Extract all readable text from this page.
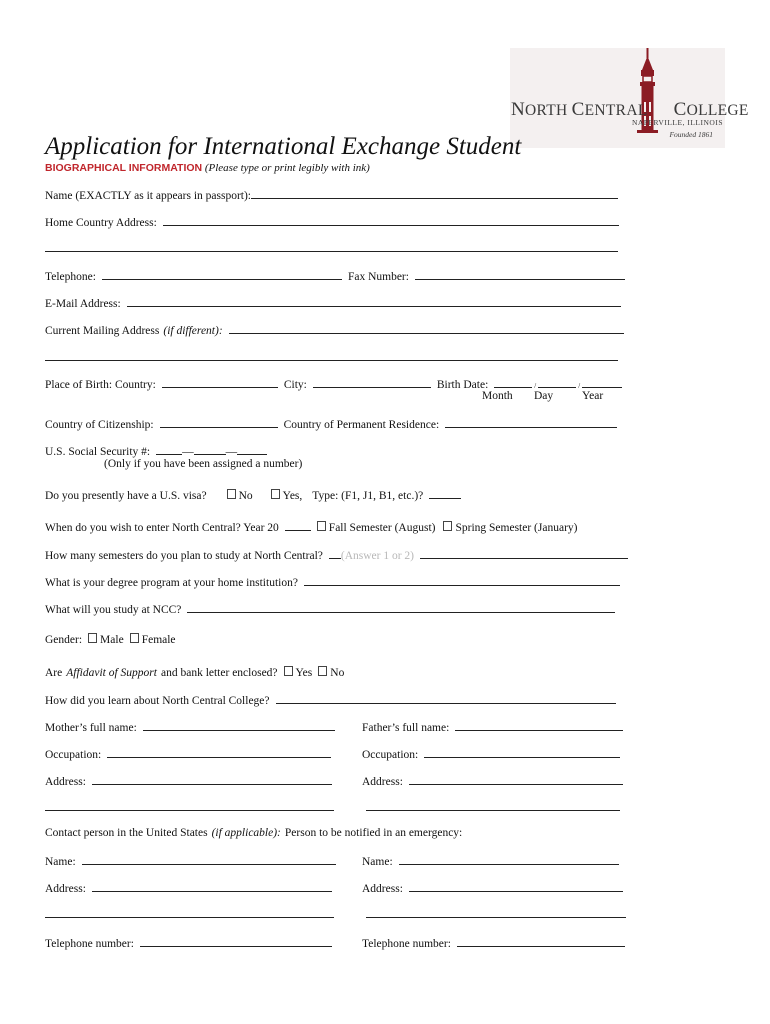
NORTH CENTRAL COLLEGE
NAPERVILLE, ILLINOIS
Founded 1861
Application for International Exchange Student
BIOGRAPHICAL INFORMATION (Please type or print legibly with ink)
Name (EXACTLY as it appears in passport):
Home Country Address:
Telephone:	Fax Number:
E-Mail Address:
Current Mailing Address (if different):
Place of Birth: Country:	City:	Birth Date:	/	/
Month Day	Year
Country of Citizenship:	Country of Permanent Residence:
U.S. Social Security #:	—	—
(Only if you have been assigned a number)
Do you presently have a U.S. visa?	No	Yes, Type: (F1, J1, B1, etc.)?
When do you wish to enter North Central? Year 20	Fall Semester (August) Spring Semester (January)
How many semesters do you plan to study at North Central? (Answer 1 or 2)
What is your degree program at your home institution?
What will you study at NCC?
Gender: Male Female
Are Affidavit of Support and bank letter enclosed? Yes No
How did you learn about North Central College?
Mother’s full name:	Father’s full name:
Occupation:	Occupation:
Address:	Address:
Contact person in the United States (if applicable): Person to be notified in an emergency:
Name:	Name:
Address:	Address:
Telephone number:	Telephone number:
